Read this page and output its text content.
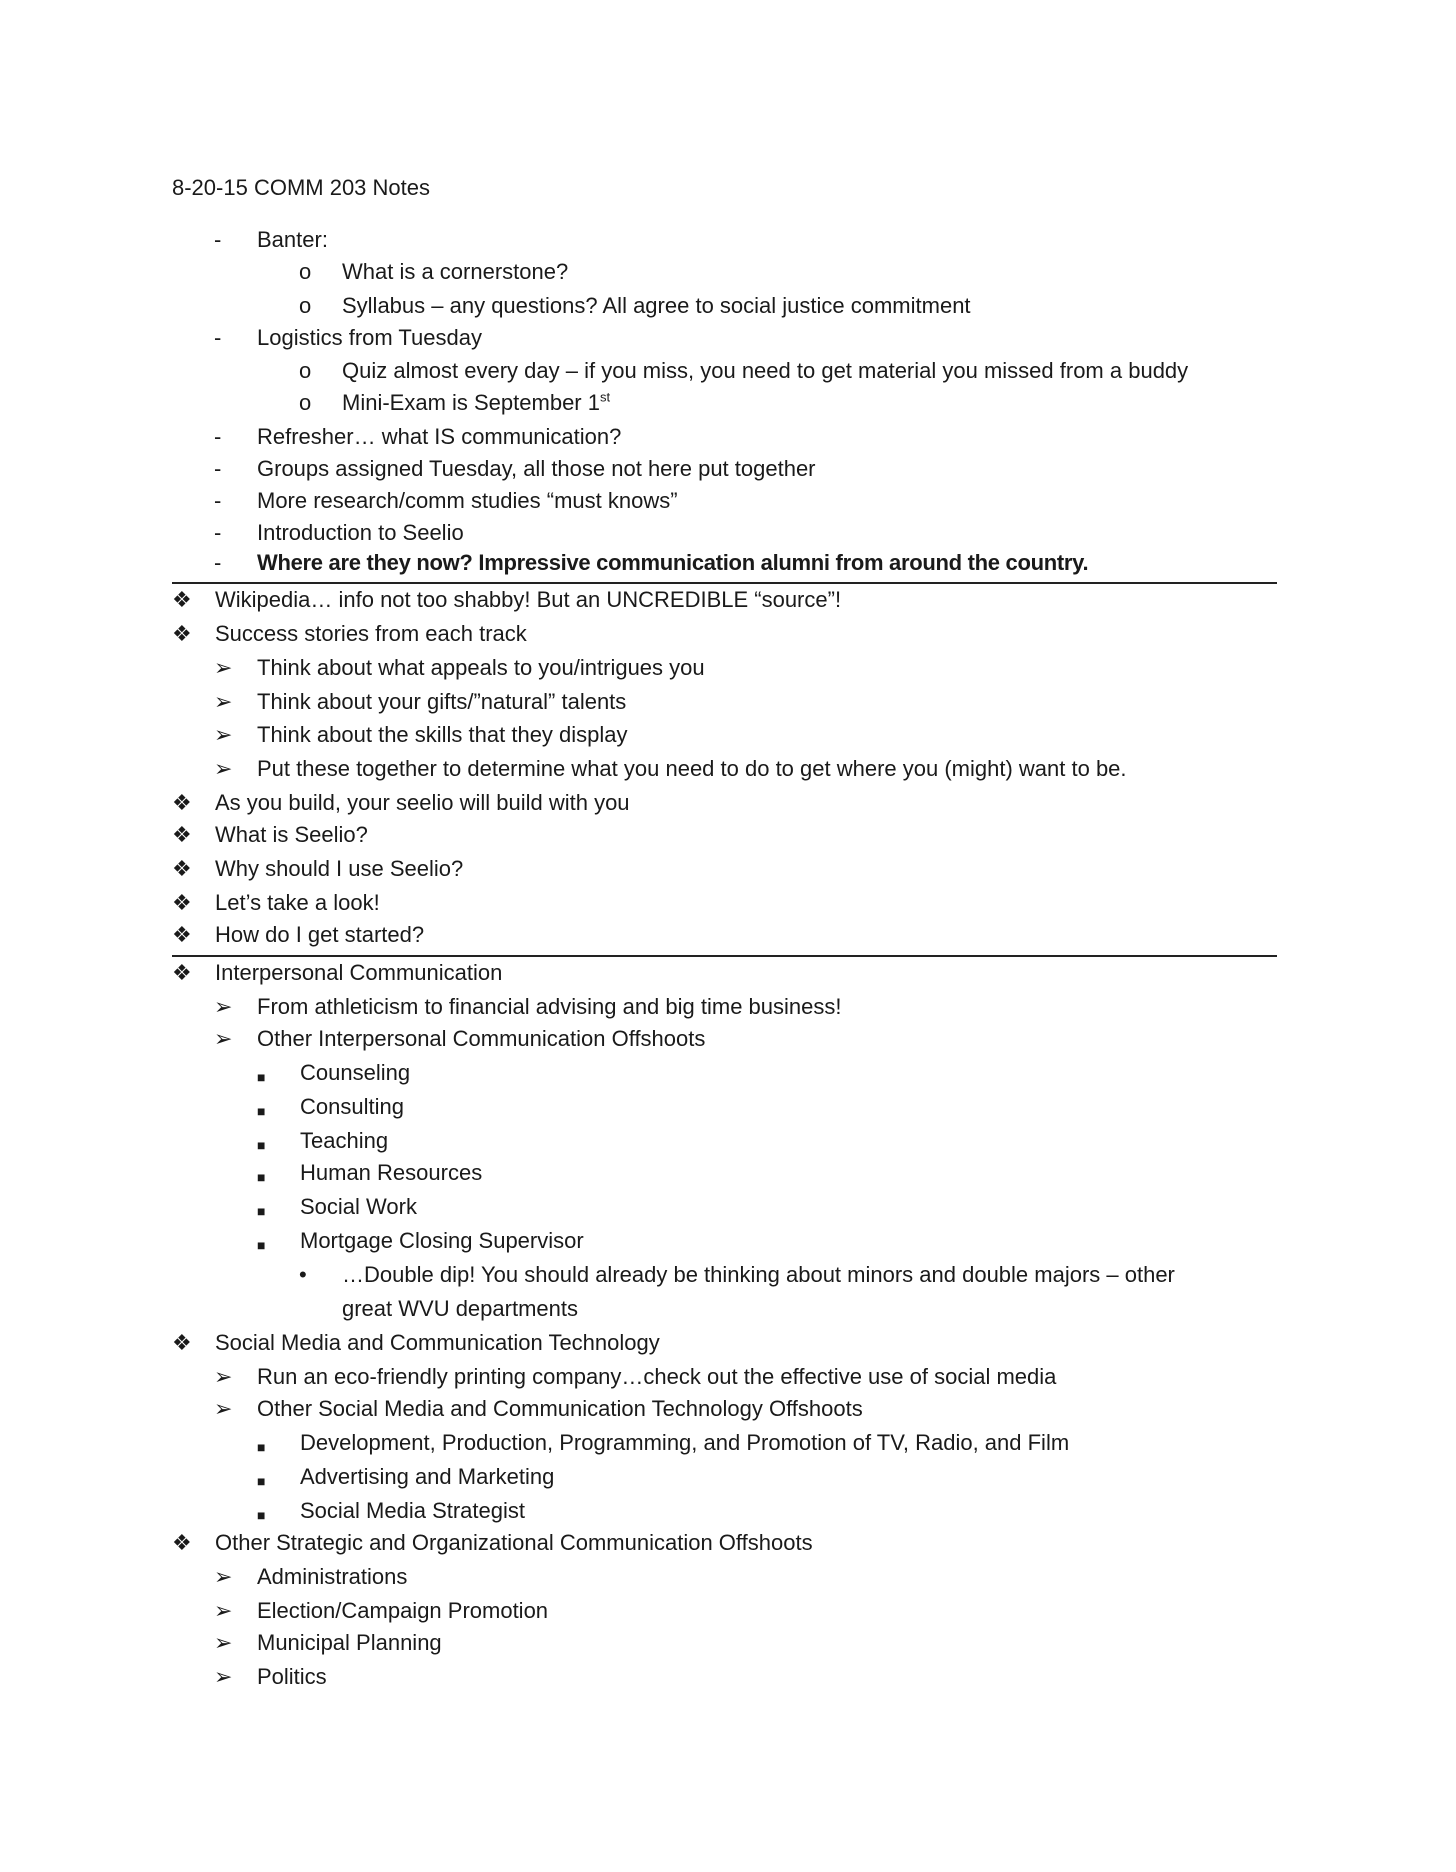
8-20-15 COMM 203 Notes
- Banter:
o What is a cornerstone?
o Syllabus – any questions? All agree to social justice commitment
- Logistics from Tuesday
o Quiz almost every day – if you miss, you need to get material you missed from a buddy
o Mini-Exam is September 1st
- Refresher… what IS communication?
- Groups assigned Tuesday, all those not here put together
- More research/comm studies “must knows”
- Introduction to Seelio
- Where are they now? Impressive communication alumni from around the country.
❖ Wikipedia… info not too shabby! But an UNCREDIBLE “source”!
❖ Success stories from each track
➢ Think about what appeals to you/intrigues you
➢ Think about your gifts/”natural” talents
➢ Think about the skills that they display
➢ Put these together to determine what you need to do to get where you (might) want to be.
❖ As you build, your seelio will build with you
❖ What is Seelio?
❖ Why should I use Seelio?
❖ Let’s take a look!
❖ How do I get started?
❖ Interpersonal Communication
➢ From athleticism to financial advising and big time business!
➢ Other Interpersonal Communication Offshoots
■ Counseling
■ Consulting
■ Teaching
■ Human Resources
■ Social Work
■ Mortgage Closing Supervisor
• …Double dip! You should already be thinking about minors and double majors – other
great WVU departments
❖ Social Media and Communication Technology
➢ Run an eco-friendly printing company…check out the effective use of social media
➢ Other Social Media and Communication Technology Offshoots
■ Development, Production, Programming, and Promotion of TV, Radio, and Film
■ Advertising and Marketing
■ Social Media Strategist
❖ Other Strategic and Organizational Communication Offshoots
➢ Administrations
➢ Election/Campaign Promotion
➢ Municipal Planning
➢ Politics
